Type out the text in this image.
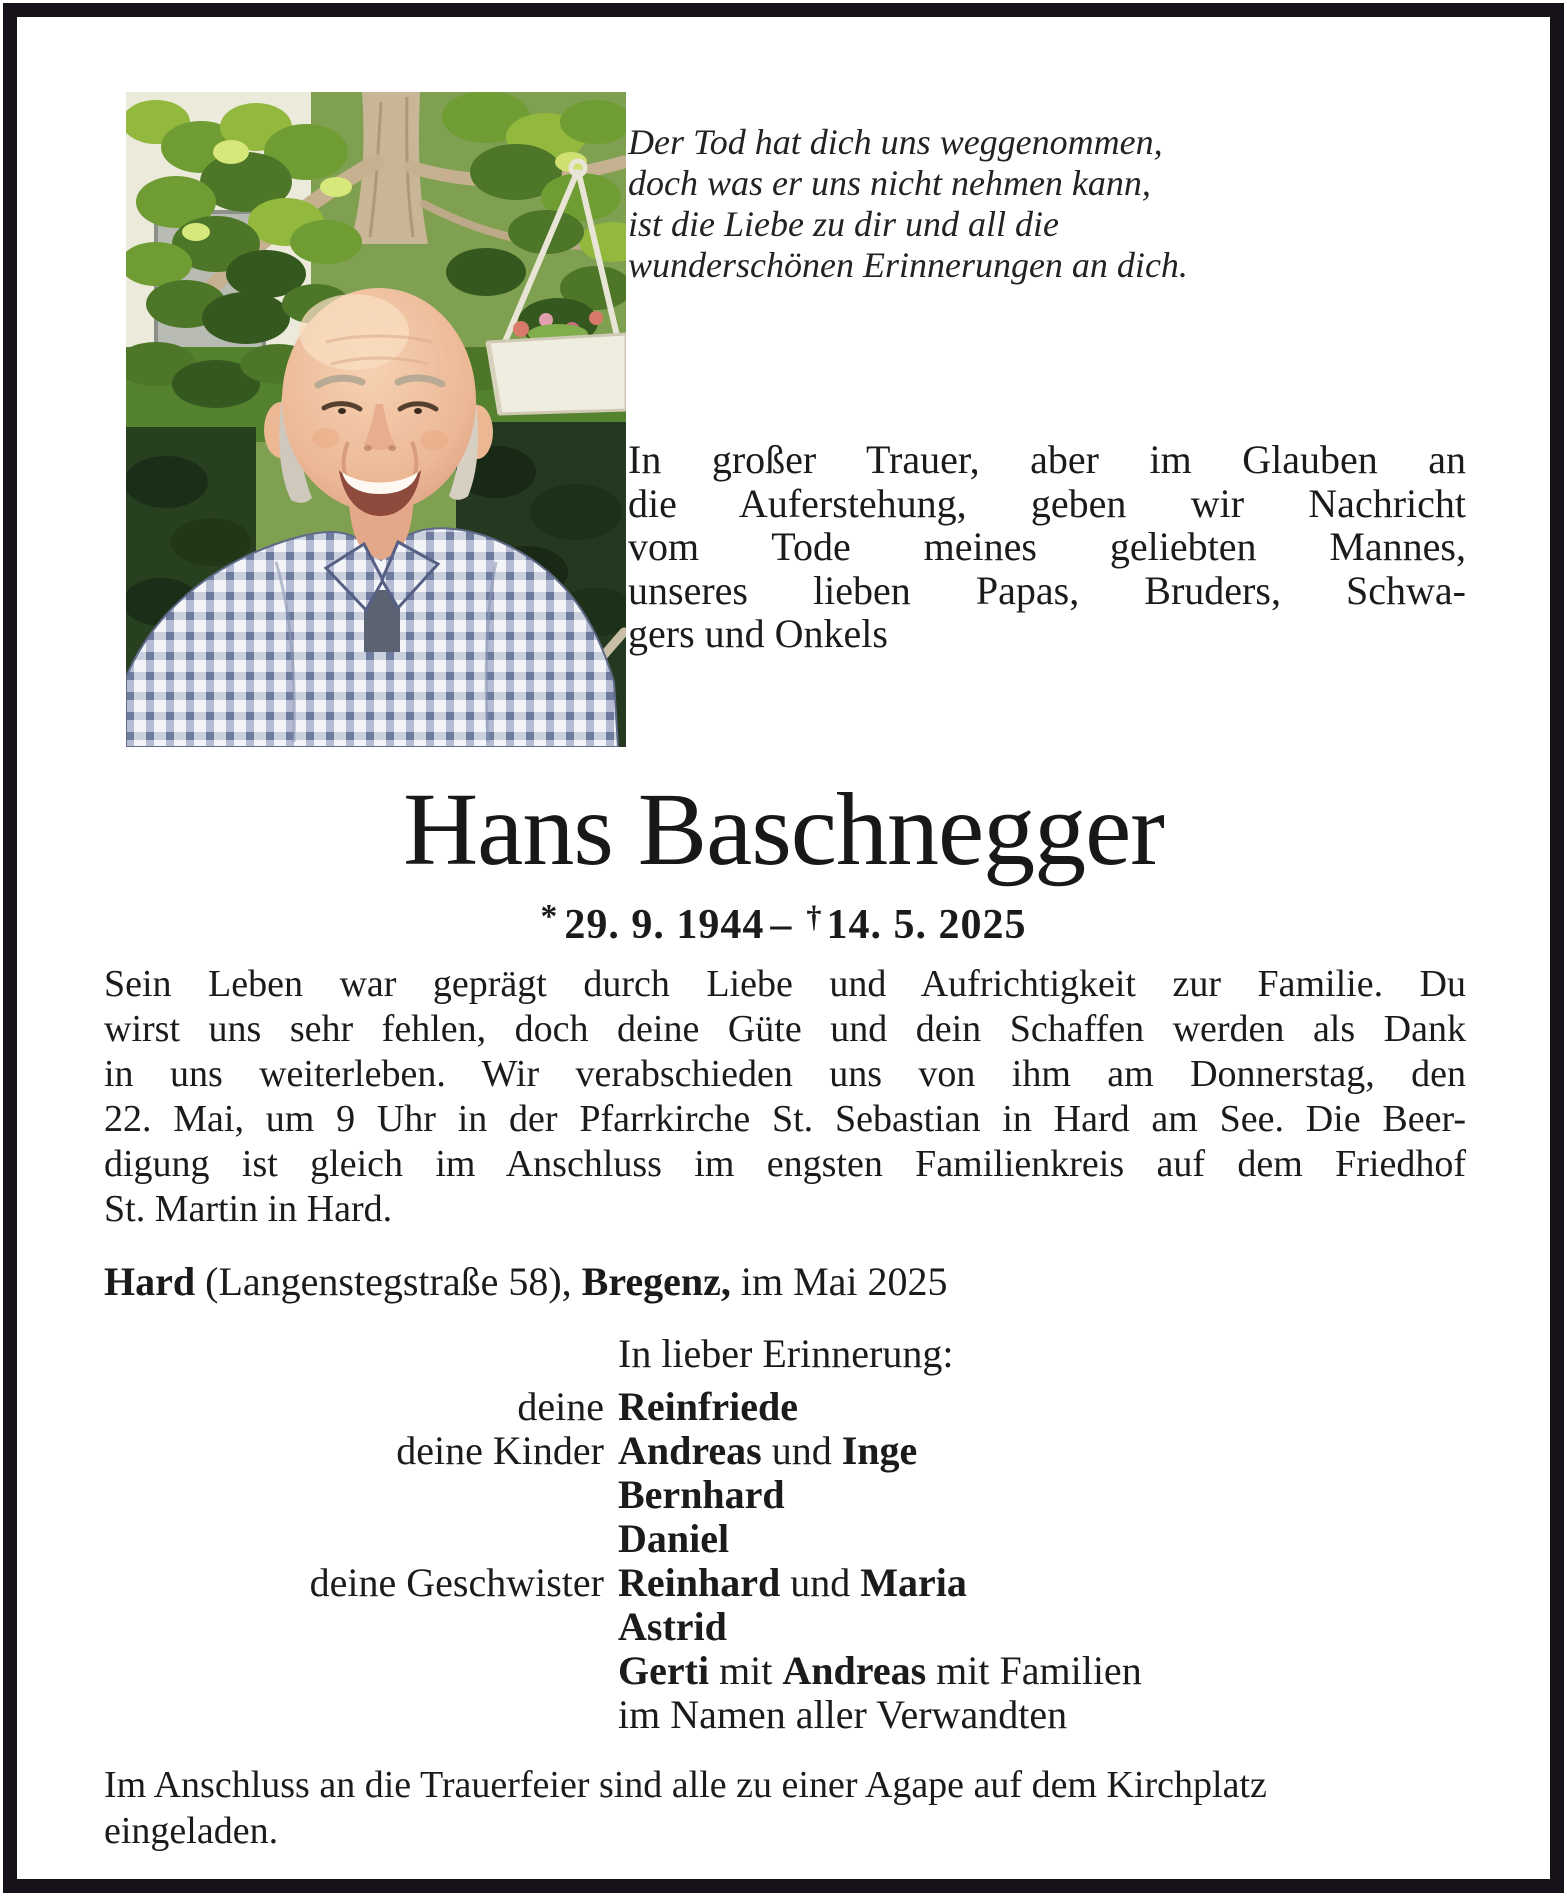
Der Tod hat dich uns weggenommen,
doch was er uns nicht nehmen kann,
ist die Liebe zu dir und all die
wunderschönen Erinnerungen an dich.
In großer Trauer, aber im Glauben an
die Auferstehung, geben wir Nachricht
vom Tode meines geliebten Mannes,
unseres lieben Papas, Bruders, Schwa-
gers und Onkels
Hans Baschnegger
* 29. 9. 1944 – †14. 5. 2025
Sein Leben war geprägt durch Liebe und Aufrichtigkeit zur Familie. Du
wirst uns sehr fehlen, doch deine Güte und dein Schaffen werden als Dank
in uns weiterleben. Wir verabschieden uns von ihm am Donnerstag, den
22. Mai, um 9 Uhr in der Pfarrkirche St. Sebastian in Hard am See. Die Beer-
digung ist gleich im Anschluss im engsten Familienkreis auf dem Friedhof
St. Martin in Hard.
Hard (Langenstegstraße 58), Bregenz, im Mai 2025
In lieber Erinnerung:
deine Reinfriede
deine Kinder Andreas und Inge
Bernhard
Daniel
deine Geschwister Reinhard und Maria
Astrid
Gerti mit Andreas mit Familien
im Namen aller Verwandten
Im Anschluss an die Trauerfeier sind alle zu einer Agape auf dem Kirchplatz
eingeladen.
